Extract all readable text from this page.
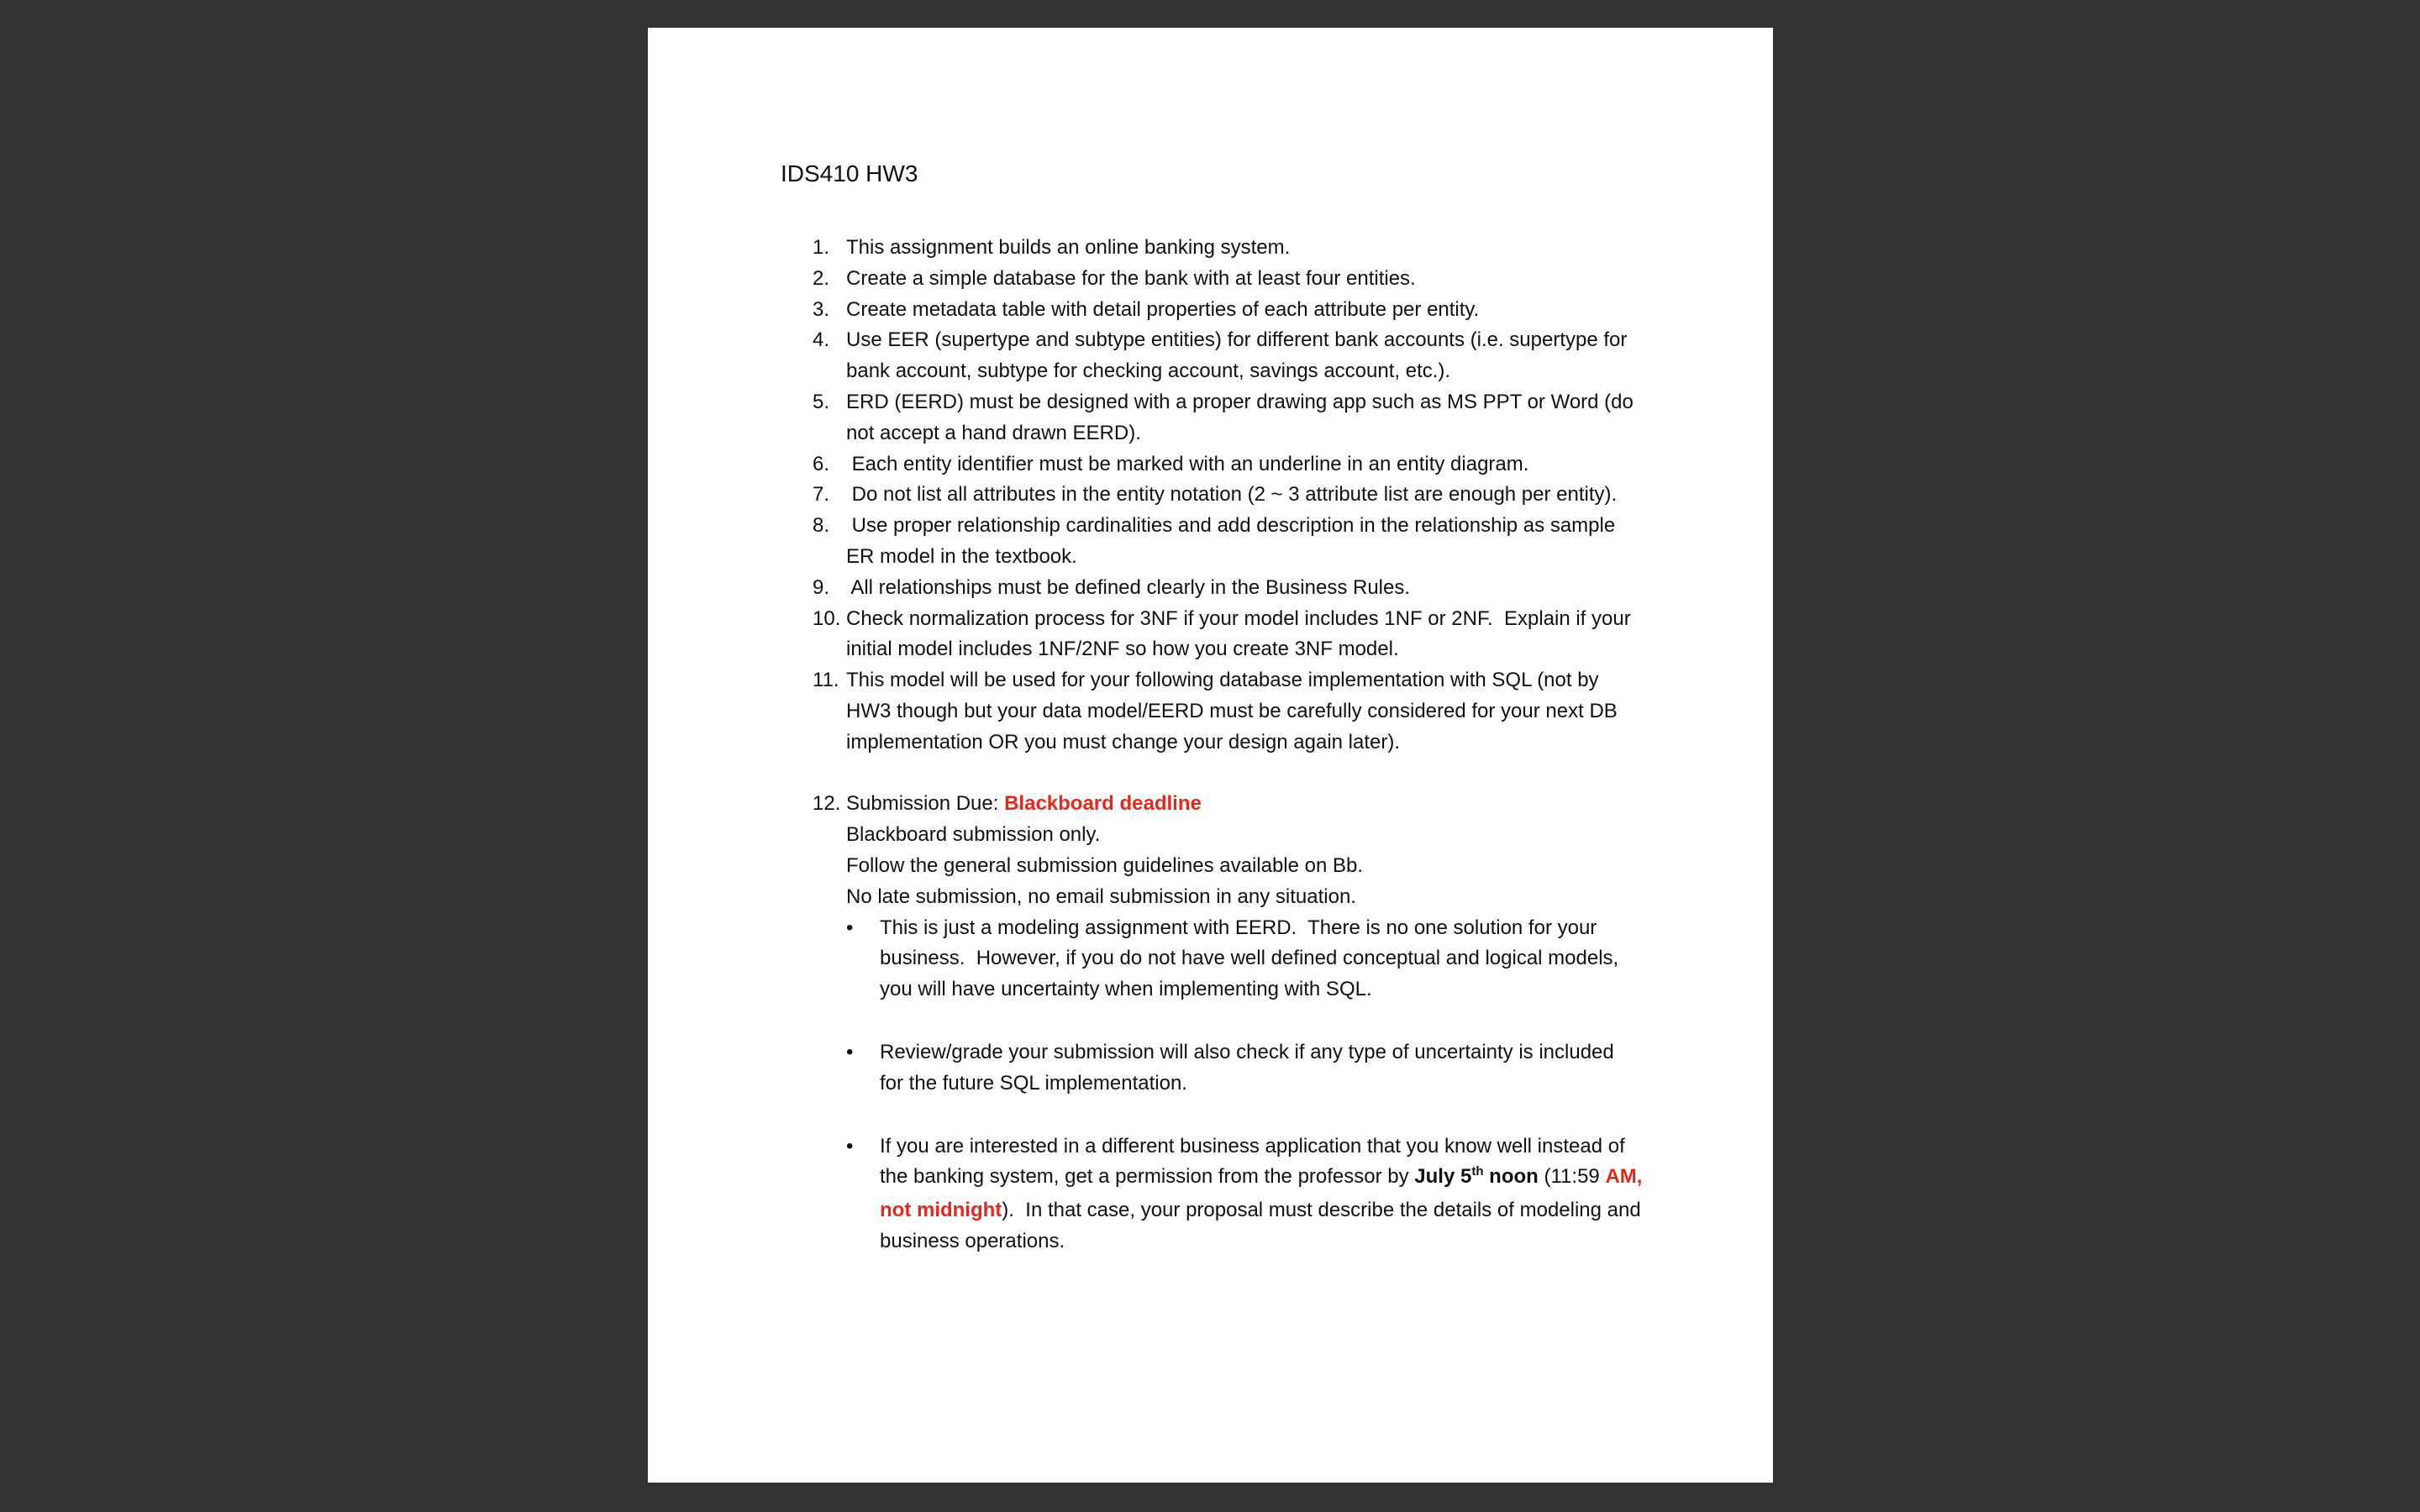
IDS410 HW3
1. This assignment builds an online banking system.
2. Create a simple database for the bank with at least four entities.
3. Create metadata table with detail properties of each attribute per entity.
4. Use EER (supertype and subtype entities) for different bank accounts (i.e. supertype for
bank account, subtype for checking account, savings account, etc.).
5. ERD (EERD) must be designed with a proper drawing app such as MS PPT or Word (do
not accept a hand drawn EERD).
6. Each entity identifier must be marked with an underline in an entity diagram.
7. Do not list all attributes in the entity notation (2 ~ 3 attribute list are enough per entity).
8. Use proper relationship cardinalities and add description in the relationship as sample
ER model in the textbook.
9. All relationships must be defined clearly in the Business Rules.
10. Check normalization process for 3NF if your model includes 1NF or 2NF.  Explain if your
initial model includes 1NF/2NF so how you create 3NF model.
11. This model will be used for your following database implementation with SQL (not by
HW3 though but your data model/EERD must be carefully considered for your next DB
implementation OR you must change your design again later).
12. Submission Due: Blackboard deadline
Blackboard submission only.
Follow the general submission guidelines available on Bb.
No late submission, no email submission in any situation.
•	This is just a modeling assignment with EERD.  There is no one solution for your
business.  However, if you do not have well defined conceptual and logical models,
you will have uncertainty when implementing with SQL.
•	Review/grade your submission will also check if any type of uncertainty is included
for the future SQL implementation.
•	If you are interested in a different business application that you know well instead of
the banking system, get a permission from the professor by July 5th noon (11:59 AM,
not midnight).  In that case, your proposal must describe the details of modeling and
business operations.
